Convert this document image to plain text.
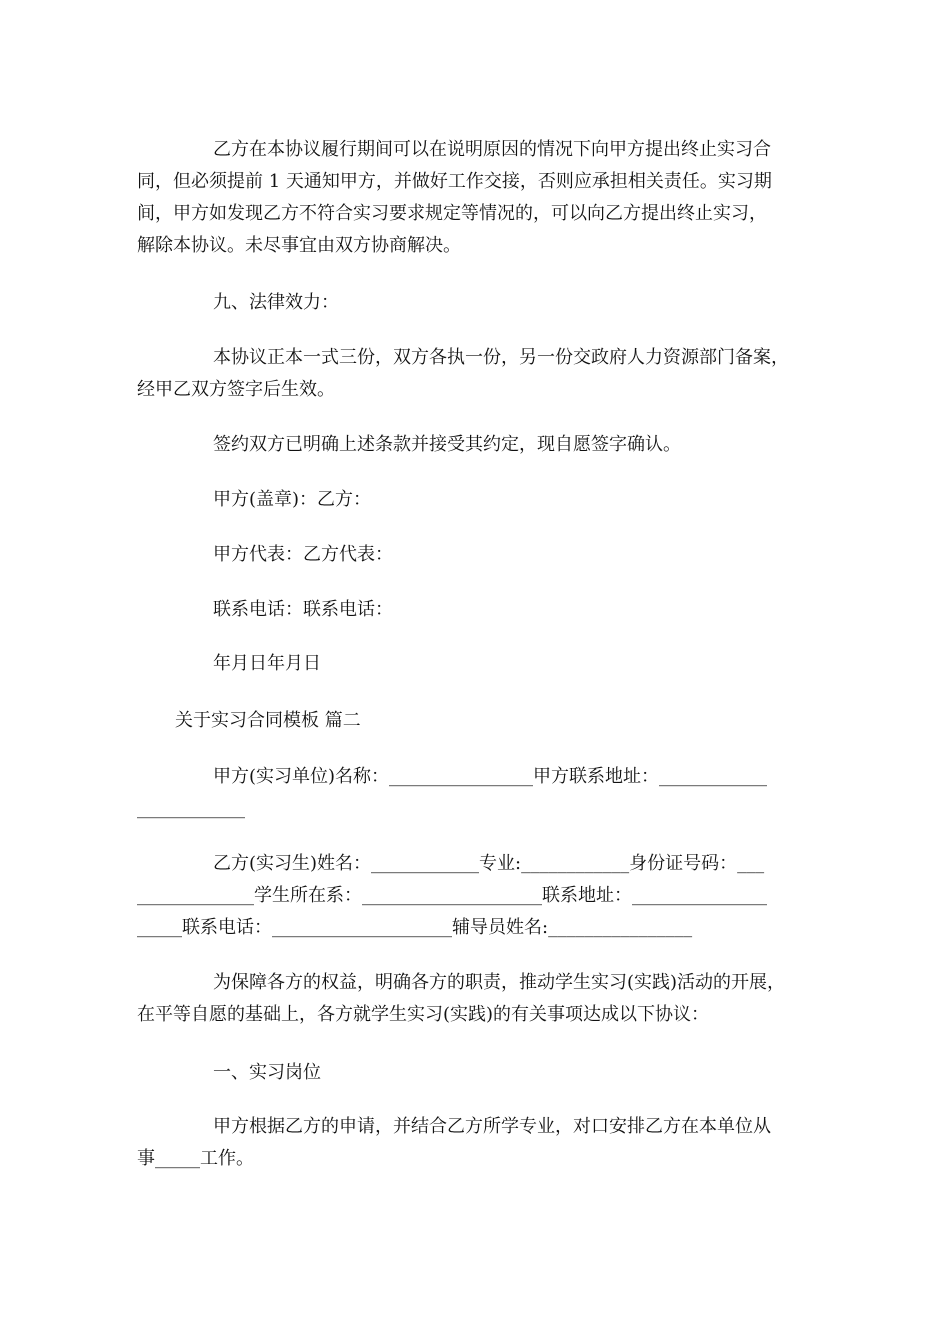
乙方在本协议履行期间可以在说明原因的情况下向甲方提出终止实习合
同，但必须提前 1 天通知甲方，并做好工作交接，否则应承担相关责任。实习期
间，甲方如发现乙方不符合实习要求规定等情况的，可以向乙方提出终止实习，
解除本协议。未尽事宜由双方协商解决。

九、法律效力：

本协议正本一式三份，双方各执一份，另一份交政府人力资源部门备案，
经甲乙双方签字后生效。

签约双方已明确上述条款并接受其约定，现自愿签字确认。

甲方(盖章)：乙方：

甲方代表：乙方代表：

联系电话：联系电话：

年月日年月日

关于实习合同模板 篇二

甲方(实习单位)名称：________________甲方联系地址：____________
____________
乙方(实习生)姓名：____________专业:____________身份证号码：___
_____________学生所在系：____________________联系地址：_______________
_____联系电话：____________________辅导员姓名:________________
为保障各方的权益，明确各方的职责，推动学生实习(实践)活动的开展，
在平等自愿的基础上，各方就学生实习(实践)的有关事项达成以下协议：

一、实习岗位

甲方根据乙方的申请，并结合乙方所学专业，对口安排乙方在本单位从
事_____工作。
